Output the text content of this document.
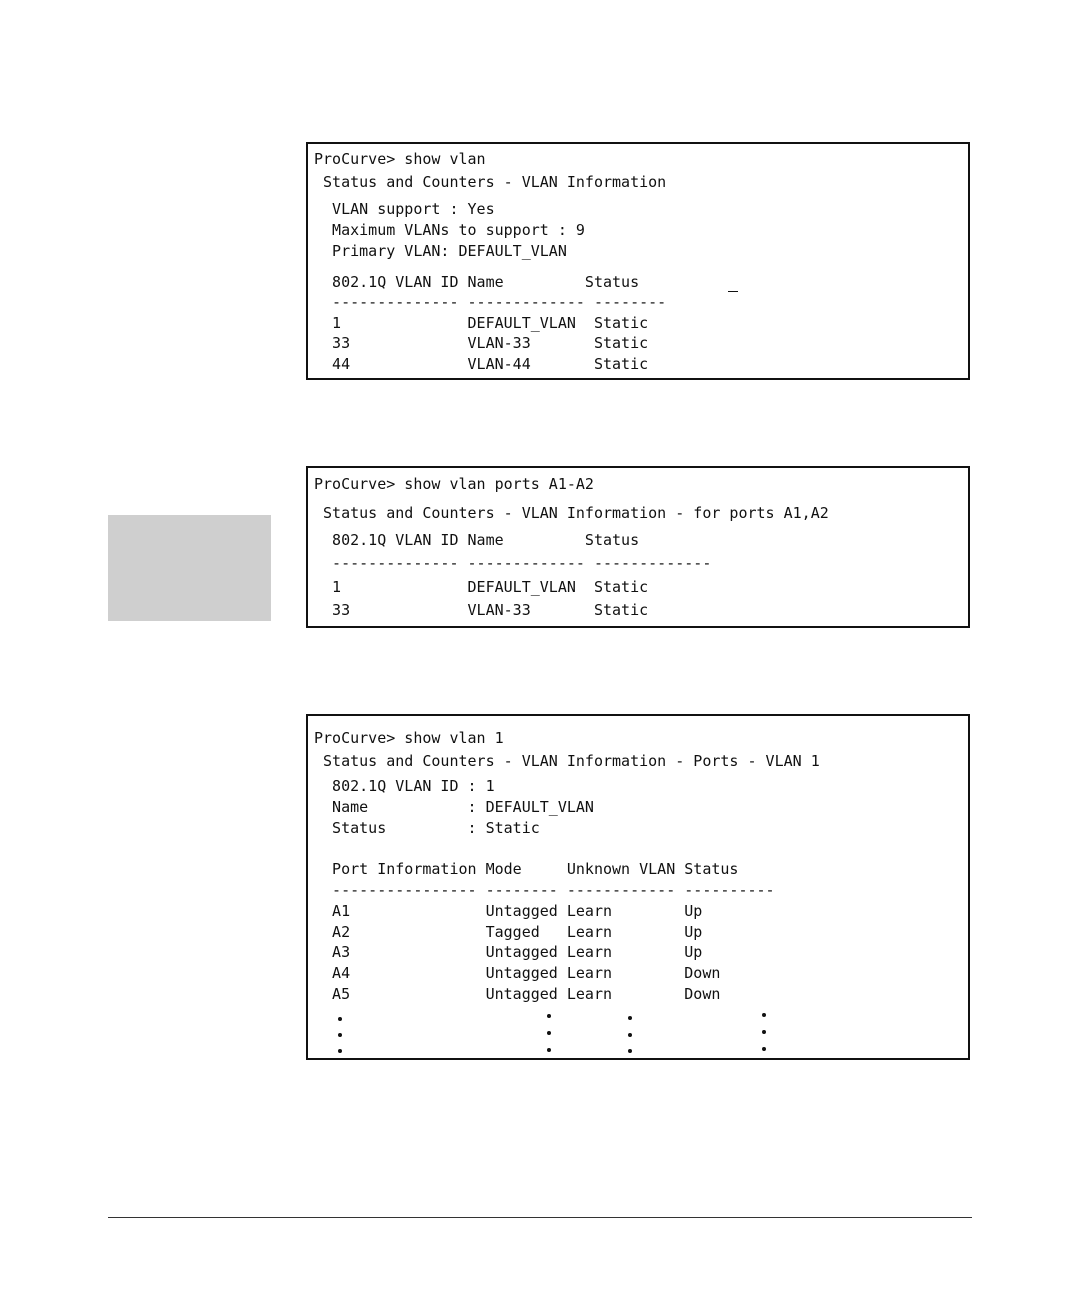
ProCurve> show vlan
Status and Counters - VLAN Information
VLAN support : Yes
Maximum VLANs to support : 9
Primary VLAN: DEFAULT_VLAN
802.1Q VLAN ID Name         Status
-------------- ------------- --------
1              DEFAULT_VLAN  Static
33             VLAN-33       Static
44             VLAN-44       Static
ProCurve> show vlan ports A1-A2
Status and Counters - VLAN Information - for ports A1,A2
802.1Q VLAN ID Name         Status
-------------- ------------- -------------
1              DEFAULT_VLAN  Static
33             VLAN-33       Static
ProCurve> show vlan 1
Status and Counters - VLAN Information - Ports - VLAN 1
802.1Q VLAN ID : 1
Name           : DEFAULT_VLAN
Status         : Static
Port Information Mode     Unknown VLAN Status
---------------- -------- ------------ ----------
A1               Untagged Learn        Up
A2               Tagged   Learn        Up
A3               Untagged Learn        Up
A4               Untagged Learn        Down
A5               Untagged Learn        Down
